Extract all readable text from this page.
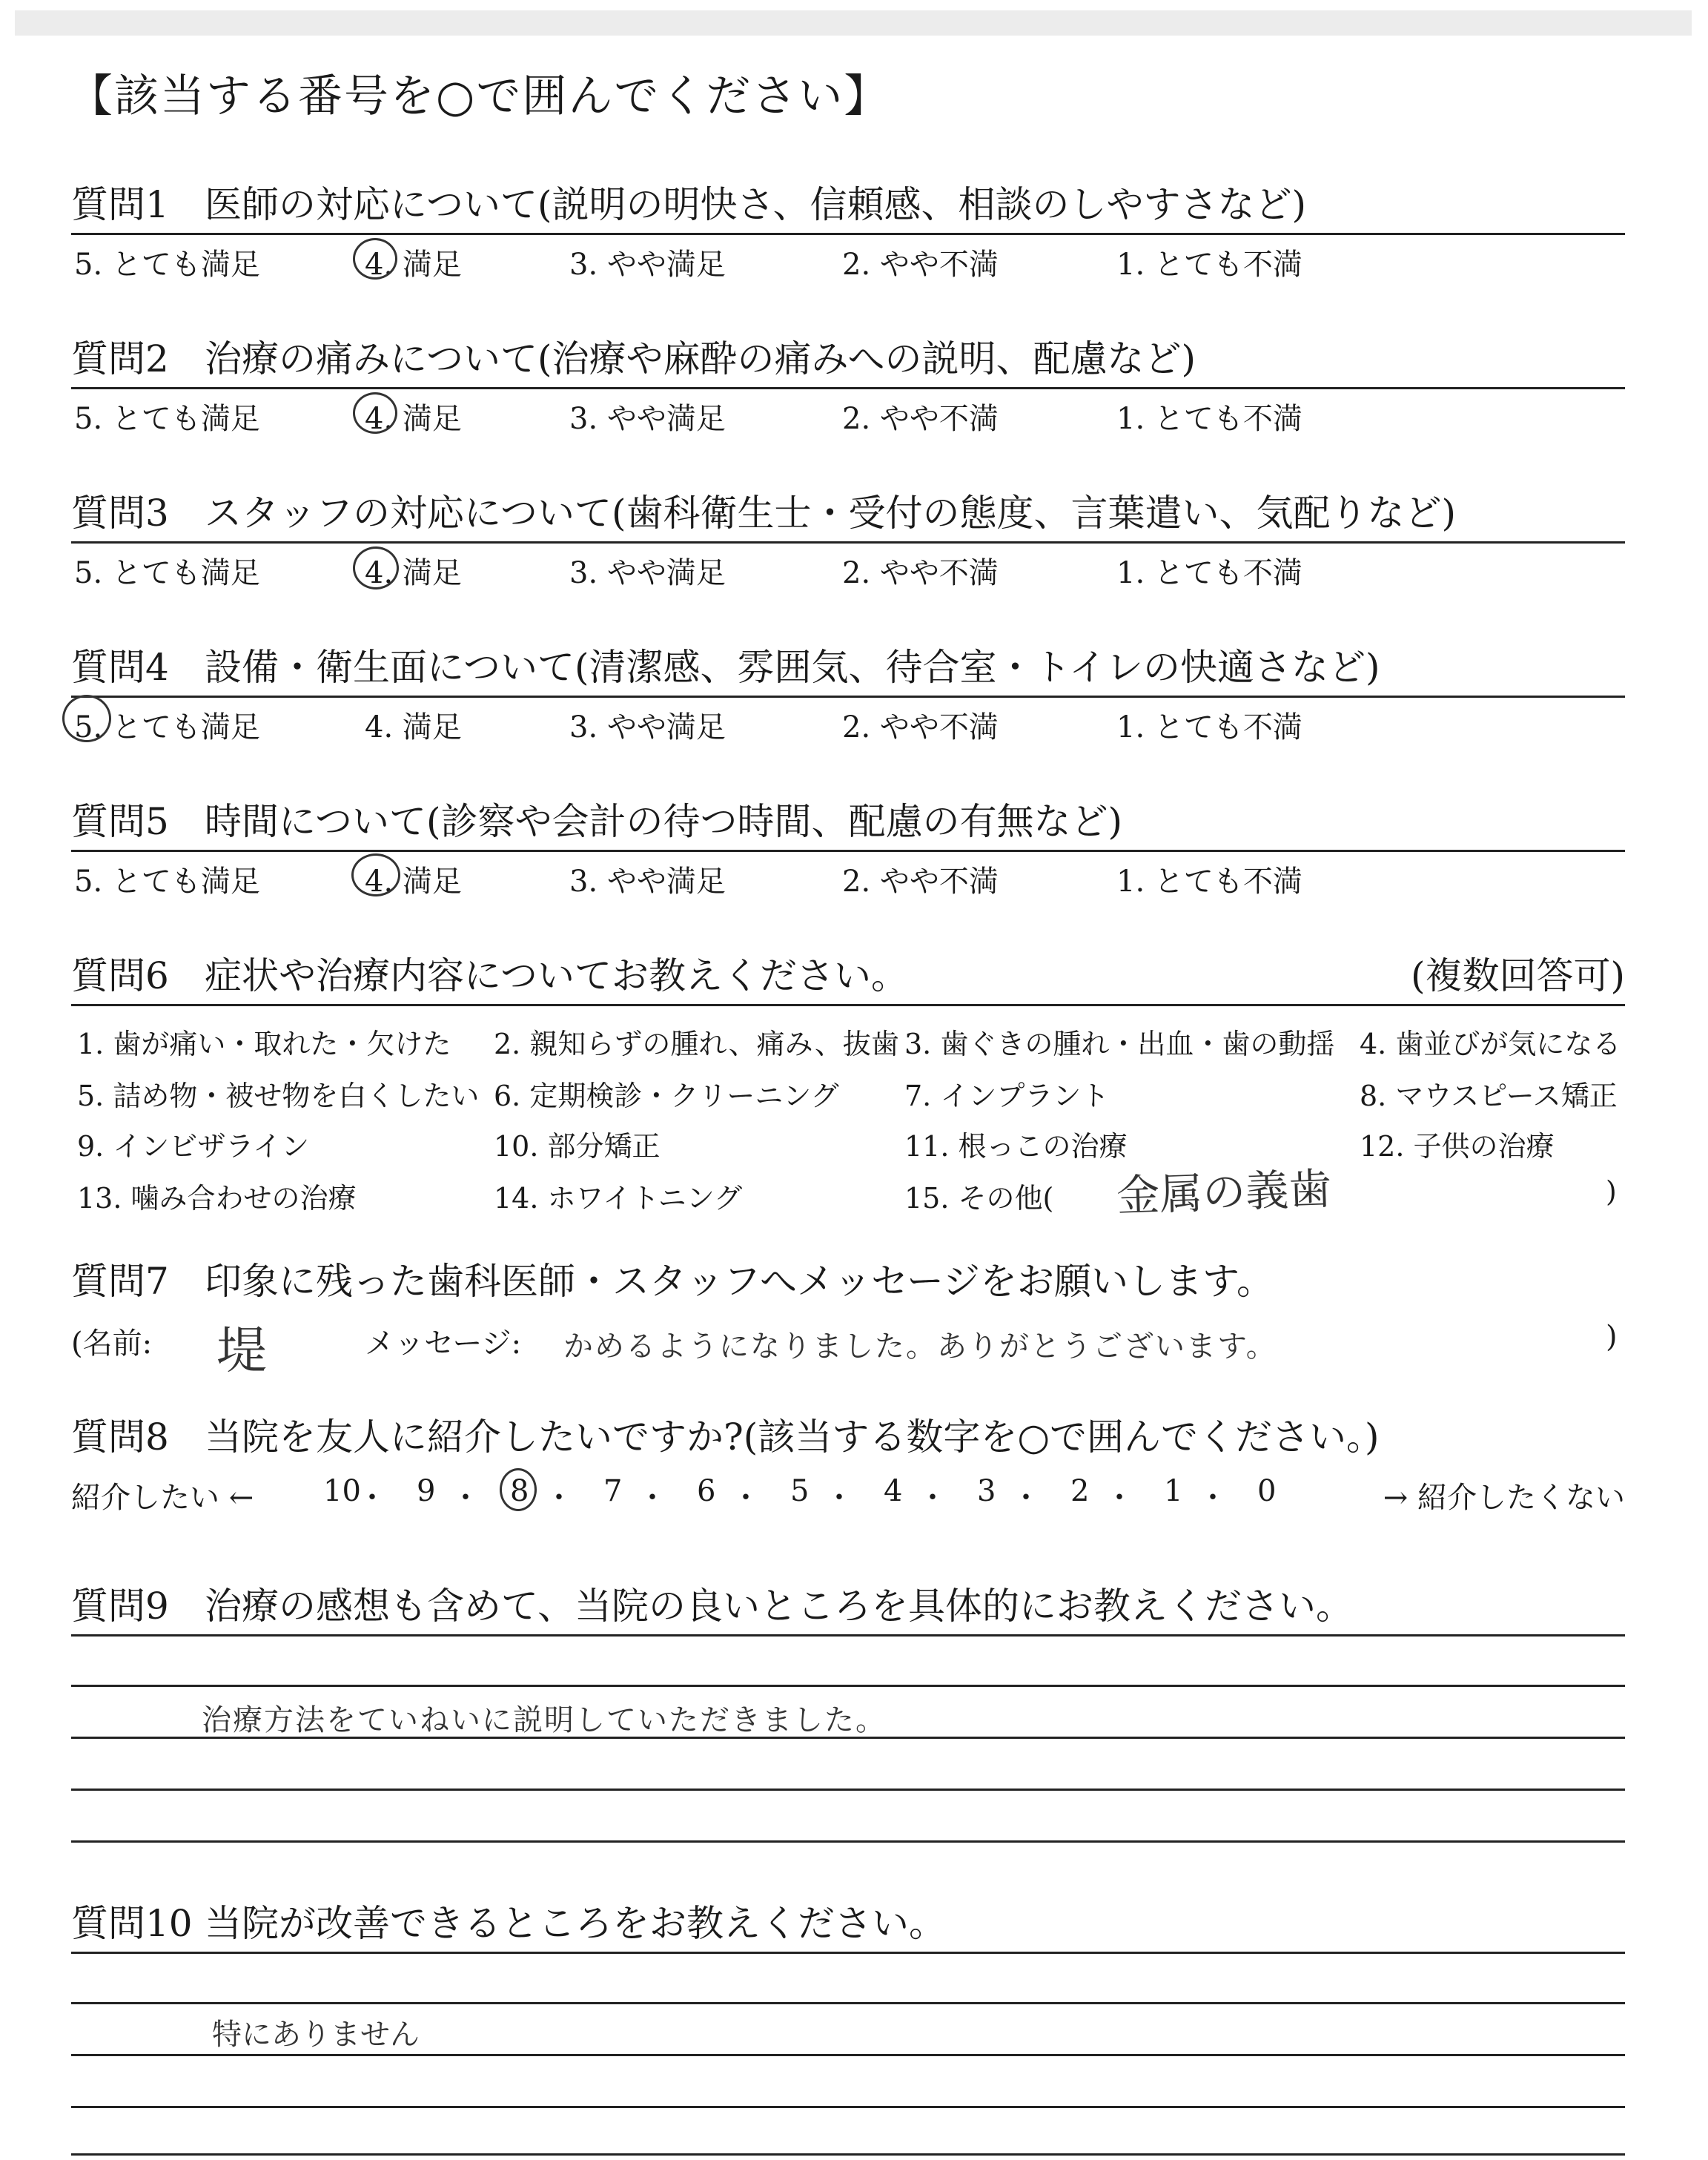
【該当する番号を○で囲んでください】
質問1 医師の対応について(説明の明快さ、信頼感、相談のしやすさなど)
5. とても満足	4. 満足	3. やや満足	2. やや不満	1. とても不満
質問2 治療の痛みについて(治療や麻酔の痛みへの説明、配慮など)
5. とても満足	4. 満足	3. やや満足	2. やや不満	1. とても不満
質問3 スタッフの対応について(歯科衛生士・受付の態度、言葉遣い、気配りなど)
5. とても満足	4. 満足	3. やや満足	2. やや不満	1. とても不満
質問4 設備・衛生面について(清潔感、雰囲気、待合室・トイレの快適さなど)
5. とても満足	4. 満足	3. やや満足	2. やや不満	1. とても不満
質問5 時間について(診察や会計の待つ時間、配慮の有無など)
5. とても満足	4. 満足	3. やや満足	2. やや不満	1. とても不満
質問6 症状や治療内容についてお教えください。	(複数回答可)
1. 歯が痛い・取れた・欠けた 2. 親知らずの腫れ、痛み、抜歯 3. 歯ぐきの腫れ・出血・歯の動揺 4. 歯並びが気になる
5. 詰め物・被せ物を白くしたい 6. 定期検診・クリーニング 7. インプラント	8. マウスピース矯正
9. インビザライン	10. 部分矯正	11. 根っこの治療	12. 子供の治療
13. 噛み合わせの治療	14. ホワイトニング	15. その他( 金属の義歯	)
質問7 印象に残った歯科医師・スタッフへメッセージをお願いします。
(名前: 堤	メッセージ: かめるようになりました。ありがとうございます。	)
質問8 当院を友人に紹介したいですか?(該当する数字を○で囲んでください。)
紹介したい ←	→ 紹介したくない
10
・ 9 ・ 8 ・ 7 ・ 6 ・ 5 ・ 4 ・ 3 ・ 2 ・ 1 ・ 0
質問9 治療の感想も含めて、当院の良いところを具体的にお教えください。
治療方法をていねいに説明していただきました。
質問10 当院が改善できるところをお教えください。
特にありません
